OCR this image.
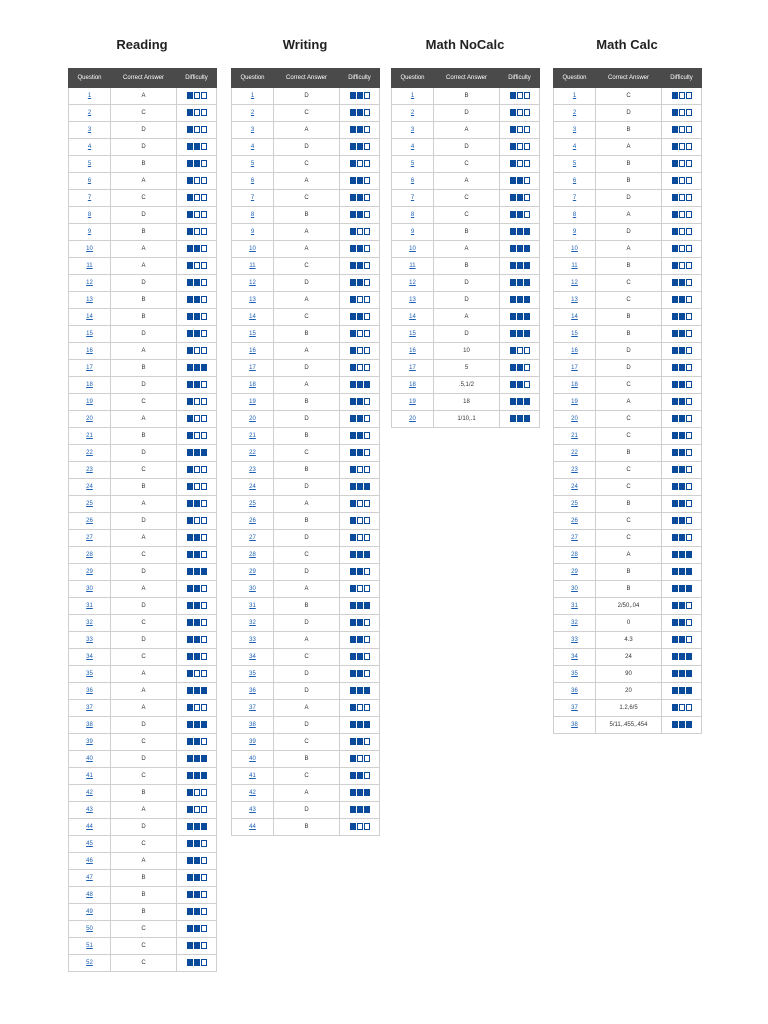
Reading
Question	Correct Answer	Difficulty
1	A	

2	C	

3	D	

4	D	

5	B	

6	A	

7	C	

8	D	

9	B	

10	A	

11	A	

12	D	

13	B	

14	B	

15	D	

16	A	

17	B	

18	D	

19	C	

20	A	

21	B	

22	D	

23	C	

24	B	

25	A	

26	D	

27	A	

28	C	

29	D	

30	A	

31	D	

32	C	

33	D	

34	C	

35	A	

36	A	

37	A	

38	D	

39	C	

40	D	

41	C	

42	B	

43	A	

44	D	

45	C	

46	A	

47	B	

48	B	

49	B	

50	C	

51	C	

52	C	
Writing
Question	Correct Answer	Difficulty
1	D	

2	C	

3	A	

4	D	

5	C	

6	A	

7	C	

8	B	

9	A	

10	A	

11	C	

12	D	

13	A	

14	C	

15	B	

16	A	

17	D	

18	A	

19	B	

20	D	

21	B	

22	C	

23	B	

24	D	

25	A	

26	B	

27	D	

28	C	

29	D	

30	A	

31	B	

32	D	

33	A	

34	C	

35	D	

36	D	

37	A	

38	D	

39	C	

40	B	

41	C	

42	A	

43	D	

44	B	
Math NoCalc
Question	Correct Answer	Difficulty
1	B	

2	D	

3	A	

4	D	

5	C	

6	A	

7	C	

8	C	

9	B	

10	A	

11	B	

12	D	

13	D	

14	A	

15	D	

16	10	

17	5	

18	.5,1/2	

19	18	

20	1/10,.1	
Math Calc
Question	Correct Answer	Difficulty
1	C	

2	D	

3	B	

4	A	

5	B	

6	B	

7	D	

8	A	

9	D	

10	A	

11	B	

12	C	

13	C	

14	B	

15	B	

16	D	

17	D	

18	C	

19	A	

20	C	

21	C	

22	B	

23	C	

24	C	

25	B	

26	C	

27	C	

28	A	

29	B	

30	B	

31	2/50,.04	

32	0	

33	4.3	

34	24	

35	90	

36	20	

37	1.2,6/5	

38	5/11,.455,.454	
